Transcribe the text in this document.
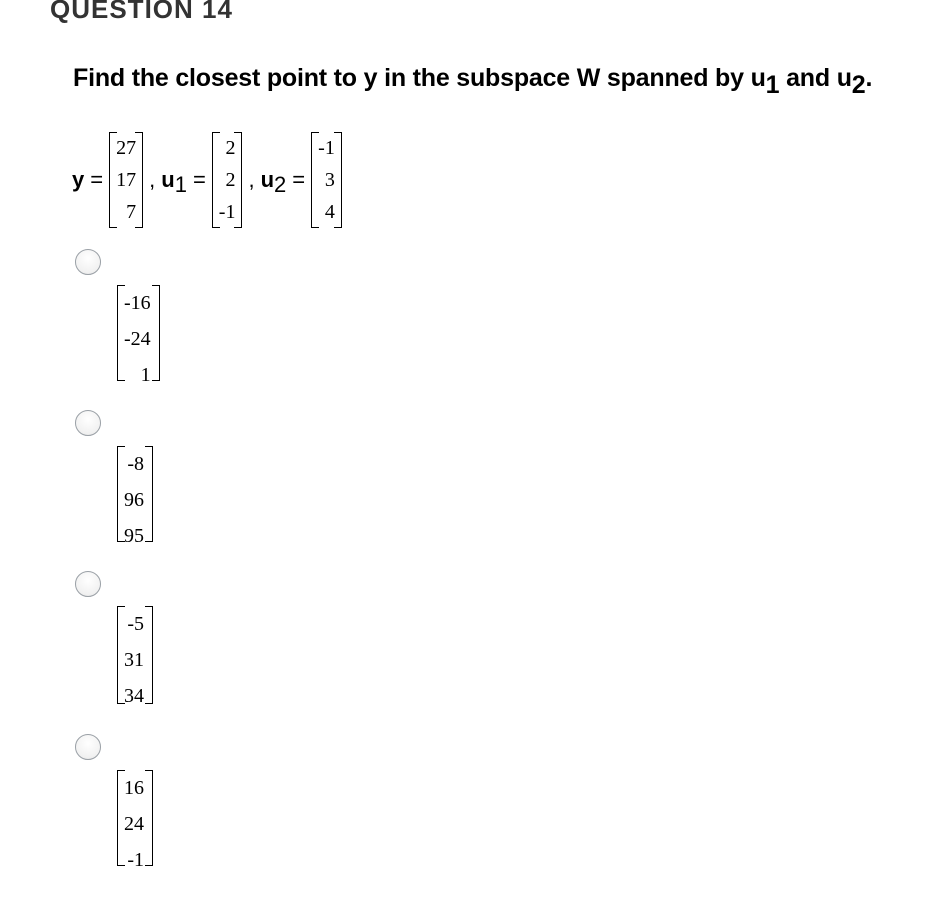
QUESTION 14
Find the closest point to y in the subspace W spanned by u1 and u2.
y =
27
17
7
, u1 =
2
2
-1
, u2 =
-1
3
4
-16
-24
1
-8
96
95
-5
31
34
16
24
-1
